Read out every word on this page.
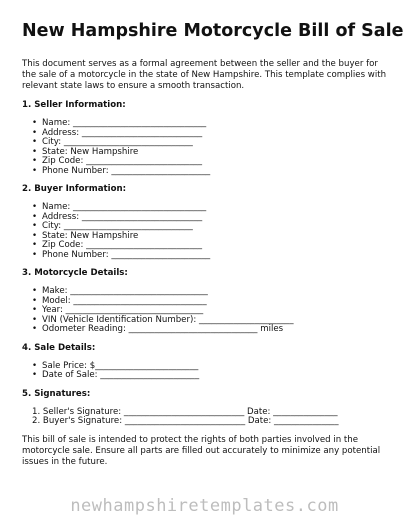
New Hampshire Motorcycle Bill of Sale

This document serves as a formal agreement between the seller and the buyer for the sale of a motorcycle in the state of New Hampshire. This template complies with relevant state laws to ensure a smooth transaction.

1. Seller Information:
• Name: _______________________________
• Address: ____________________________
• City: ______________________________
• State: New Hampshire
• Zip Code: ___________________________
• Phone Number: _______________________
2. Buyer Information:
• Name: _______________________________
• Address: ____________________________
• City: ______________________________
• State: New Hampshire
• Zip Code: ___________________________
• Phone Number: _______________________
3. Motorcycle Details:
• Make: ________________________________
• Model: _______________________________
• Year: ________________________________
• VIN (Vehicle Identification Number): ______________________
• Odometer Reading: ______________________________ miles
4. Sale Details:
• Sale Price: $________________________
• Date of Sale: _______________________
5. Signatures:
1. Seller's Signature: ____________________________ Date: _______________
2. Buyer's Signature: ____________________________ Date: _______________

This bill of sale is intended to protect the rights of both parties involved in the motorcycle sale. Ensure all parts are filled out accurately to minimize any potential issues in the future.

newhampshiretemplates.com
